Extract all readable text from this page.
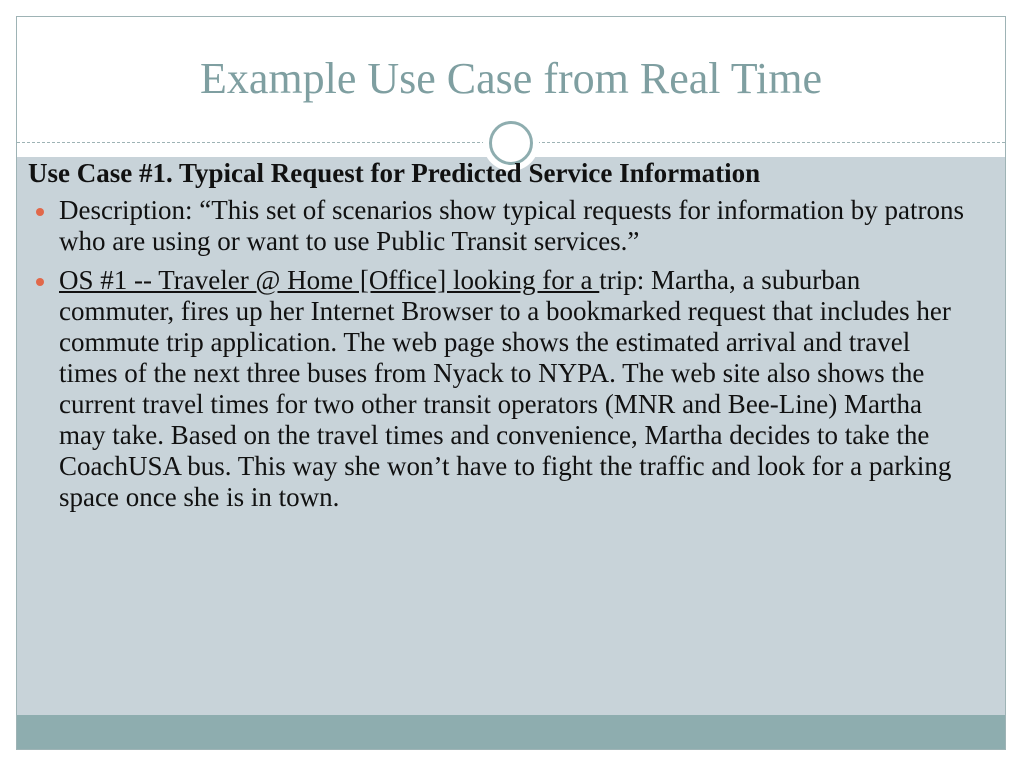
Example Use Case from Real Time

Use Case #1. Typical Request for Predicted Service Information

Description: “This set of scenarios show typical requests for information by patrons who are using or want to use Public Transit services.”
OS #1 -- Traveler @ Home [Office] looking for a trip: Martha, a suburban commuter, fires up her Internet Browser to a bookmarked request that includes her commute trip application. The web page shows the estimated arrival and travel times of the next three buses from Nyack to NYPA. The web site also shows the current travel times for two other transit operators (MNR and Bee-Line) Martha may take. Based on the travel times and convenience, Martha decides to take the CoachUSA bus. This way she won’t have to fight the traffic and look for a parking space once she is in town.
